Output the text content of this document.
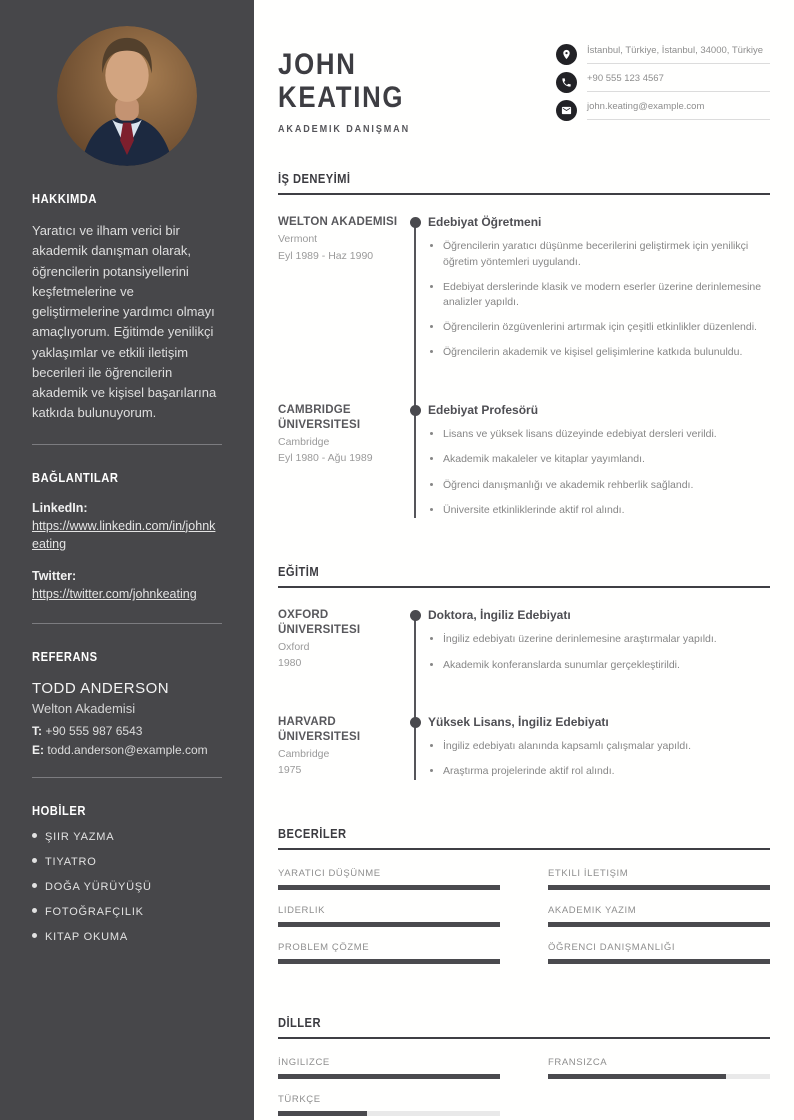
HAKKIMDA

Yaratıcı ve ilham verici bir akademik danışman olarak, öğrencilerin potansiyellerini keşfetmelerine ve geliştirmelerine yardımcı olmayı amaçlıyorum. Eğitimde yenilikçi yaklaşımlar ve etkili iletişim becerileri ile öğrencilerin akademik ve kişisel başarılarına katkıda bulunuyorum.

BAĞLANTILAR
LinkedIn:
https://www.linkedin.com/in/johnkeating
Twitter:
https://twitter.com/johnkeating
REFERANS
TODD ANDERSON
Welton Akademisi
T: +90 555 987 6543
E: todd.anderson@example.com
HOBİLER
ŞIIR YAZMA
TIYATRO
DOĞA YÜRÜYÜŞÜ
FOTOĞRAFÇILIK
KITAP OKUMA
JOHN
KEATING
AKADEMIK DANIŞMAN
İstanbul, Türkiye, İstanbul, 34000, Türkiye
+90 555 123 4567
john.keating@example.com
İŞ DENEYİMİ
WELTON AKADEMISI
Vermont
Eyl 1989 - Haz 1990
Edebiyat Öğretmeni
• Öğrencilerin yaratıcı düşünme becerilerini geliştirmek için yenilikçi öğretim yöntemleri uygulandı.
• Edebiyat derslerinde klasik ve modern eserler üzerine derinlemesine analizler yapıldı.
• Öğrencilerin özgüvenlerini artırmak için çeşitli etkinlikler düzenlendi.
• Öğrencilerin akademik ve kişisel gelişimlerine katkıda bulunuldu.
CAMBRIDGE ÜNIVERSITESI
Cambridge
Eyl 1980 - Ağu 1989
Edebiyat Profesörü
• Lisans ve yüksek lisans düzeyinde edebiyat dersleri verildi.
• Akademik makaleler ve kitaplar yayımlandı.
• Öğrenci danışmanlığı ve akademik rehberlik sağlandı.
• Üniversite etkinliklerinde aktif rol alındı.
EĞİTİM
OXFORD ÜNIVERSITESI
Oxford
1980
Doktora, İngiliz Edebiyatı
• İngiliz edebiyatı üzerine derinlemesine araştırmalar yapıldı.
• Akademik konferanslarda sunumlar gerçekleştirildi.
HARVARD ÜNIVERSITESI
Cambridge
1975
Yüksek Lisans, İngiliz Edebiyatı
• İngiliz edebiyatı alanında kapsamlı çalışmalar yapıldı.
• Araştırma projelerinde aktif rol alındı.
BECERİLER
YARATICI DÜŞÜNME	ETKILI İLETIŞIM
LIDERLIK	AKADEMIK YAZIM
PROBLEM ÇÖZME	ÖĞRENCI DANIŞMANLIĞI
DİLLER
İNGILIZCE	FRANSIZCA
TÜRKÇE
